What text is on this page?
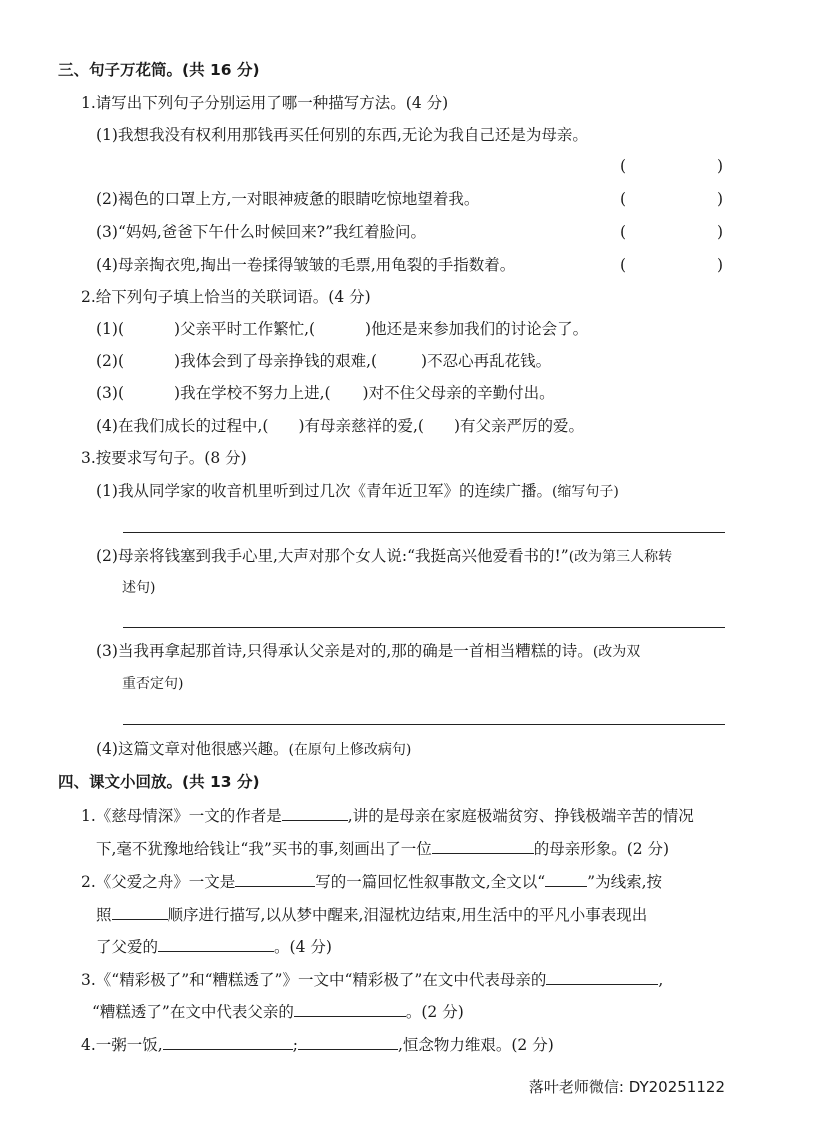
三、句子万花筒。(共 16 分)
1.请写出下列句子分别运用了哪一种描写方法。(4 分)
(1)我想我没有权利用那钱再买任何别的东西,无论为我自己还是为母亲。
(	)
(2)褐色的口罩上方,一对眼神疲惫的眼睛吃惊地望着我。	(	)
(3)“妈妈,爸爸下午什么时候回来?”我红着脸问。	(	)
(4)母亲掏衣兜,掏出一卷揉得皱皱的毛票,用龟裂的手指数着。	(	)
2.给下列句子填上恰当的关联词语。(4 分)
(1)(	)父亲平时工作繁忙,(	)他还是来参加我们的讨论会了。
(2)(	)我体会到了母亲挣钱的艰难,(	)不忍心再乱花钱。
(3)(	)我在学校不努力上进,( )对不住父母亲的辛勤付出。
(4)在我们成长的过程中,( )有母亲慈祥的爱,( )有父亲严厉的爱。
3.按要求写句子。(8 分)
(1)我从同学家的收音机里听到过几次《青年近卫军》的连续广播。(缩写句子)
(2)母亲将钱塞到我手心里,大声对那个女人说:“我挺高兴他爱看书的!”(改为第三人称转
述句)
(3)当我再拿起那首诗,只得承认父亲是对的,那的确是一首相当糟糕的诗。(改为双
重否定句)
(4)这篇文章对他很感兴趣。(在原句上修改病句)
四、课文小回放。(共 13 分)
1.《慈母情深》一文的作者是	,讲的是母亲在家庭极端贫穷、挣钱极端辛苦的情况
下,毫不犹豫地给钱让“我”买书的事,刻画出了一位	的母亲形象。(2 分)
2.《父爱之舟》一文是	写的一篇回忆性叙事散文,全文以“	”为线索,按
照	顺序进行描写,以从梦中醒来,泪湿枕边结束,用生活中的平凡小事表现出
了父爱的	。(4 分)
3.《“精彩极了”和“糟糕透了”》一文中“精彩极了”在文中代表母亲的	,
“糟糕透了”在文中代表父亲的	。(2 分)
4.一粥一饭,	;	,恒念物力维艰。(2 分)
落叶老师微信: DY20251122
